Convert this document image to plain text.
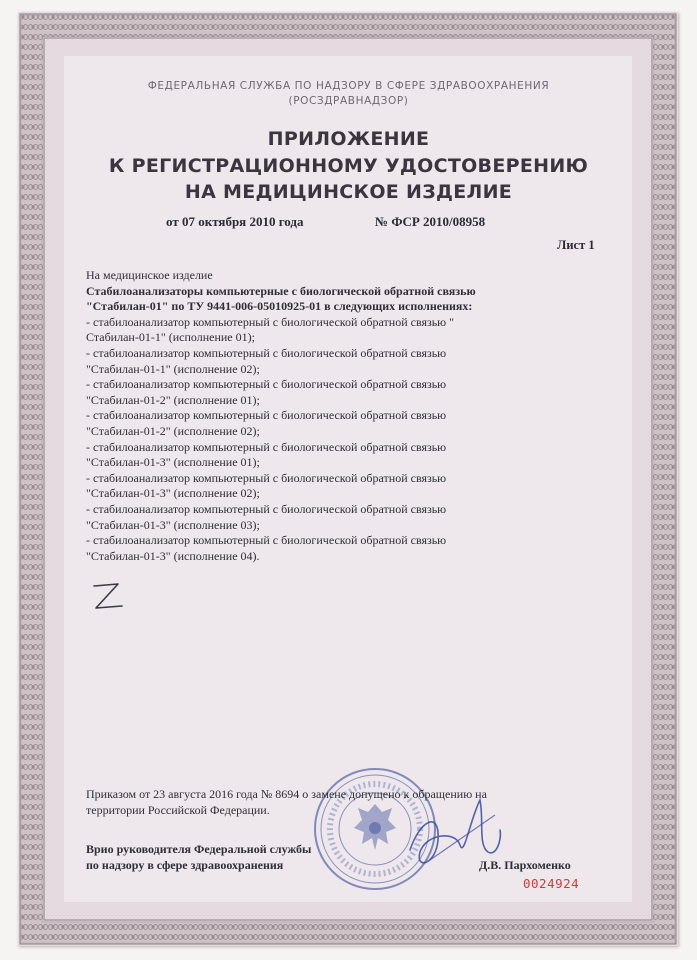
ФЕДЕРАЛЬНАЯ СЛУЖБА ПО НАДЗОРУ В СФЕРЕ ЗДРАВООХРАНЕНИЯ
(РОСЗДРАВНАДЗОР)
ПРИЛОЖЕНИЕ
К РЕГИСТРАЦИОННОМУ УДОСТОВЕРЕНИЮ
НА МЕДИЦИНСКОЕ ИЗДЕЛИЕ
от 07 октября 2010 года	№ ФСР 2010/08958
Лист 1
На медицинское изделие
Стабилоанализаторы компьютерные с биологической обратной связью
"Стабилан-01" по ТУ 9441-006-05010925-01 в следующих исполнениях:
- стабилоанализатор компьютерный с биологической обратной связью "
Стабилан-01-1" (исполнение 01);
- стабилоанализатор компьютерный с биологической обратной связью
"Стабилан-01-1" (исполнение 02);
- стабилоанализатор компьютерный с биологической обратной связью
"Стабилан-01-2" (исполнение 01);
- стабилоанализатор компьютерный с биологической обратной связью
"Стабилан-01-2" (исполнение 02);
- стабилоанализатор компьютерный с биологической обратной связью
"Стабилан-01-3" (исполнение 01);
- стабилоанализатор компьютерный с биологической обратной связью
"Стабилан-01-3" (исполнение 02);
- стабилоанализатор компьютерный с биологической обратной связью
"Стабилан-01-3" (исполнение 03);
- стабилоанализатор компьютерный с биологической обратной связью
"Стабилан-01-3" (исполнение 04).
Приказом от 23 августа 2016 года № 8694 о замене допущено к обращению на
территории Российской Федерации.
Врио руководителя Федеральной службы
по надзору в сфере здравоохранения	Д.В. Пархоменко
0024924
